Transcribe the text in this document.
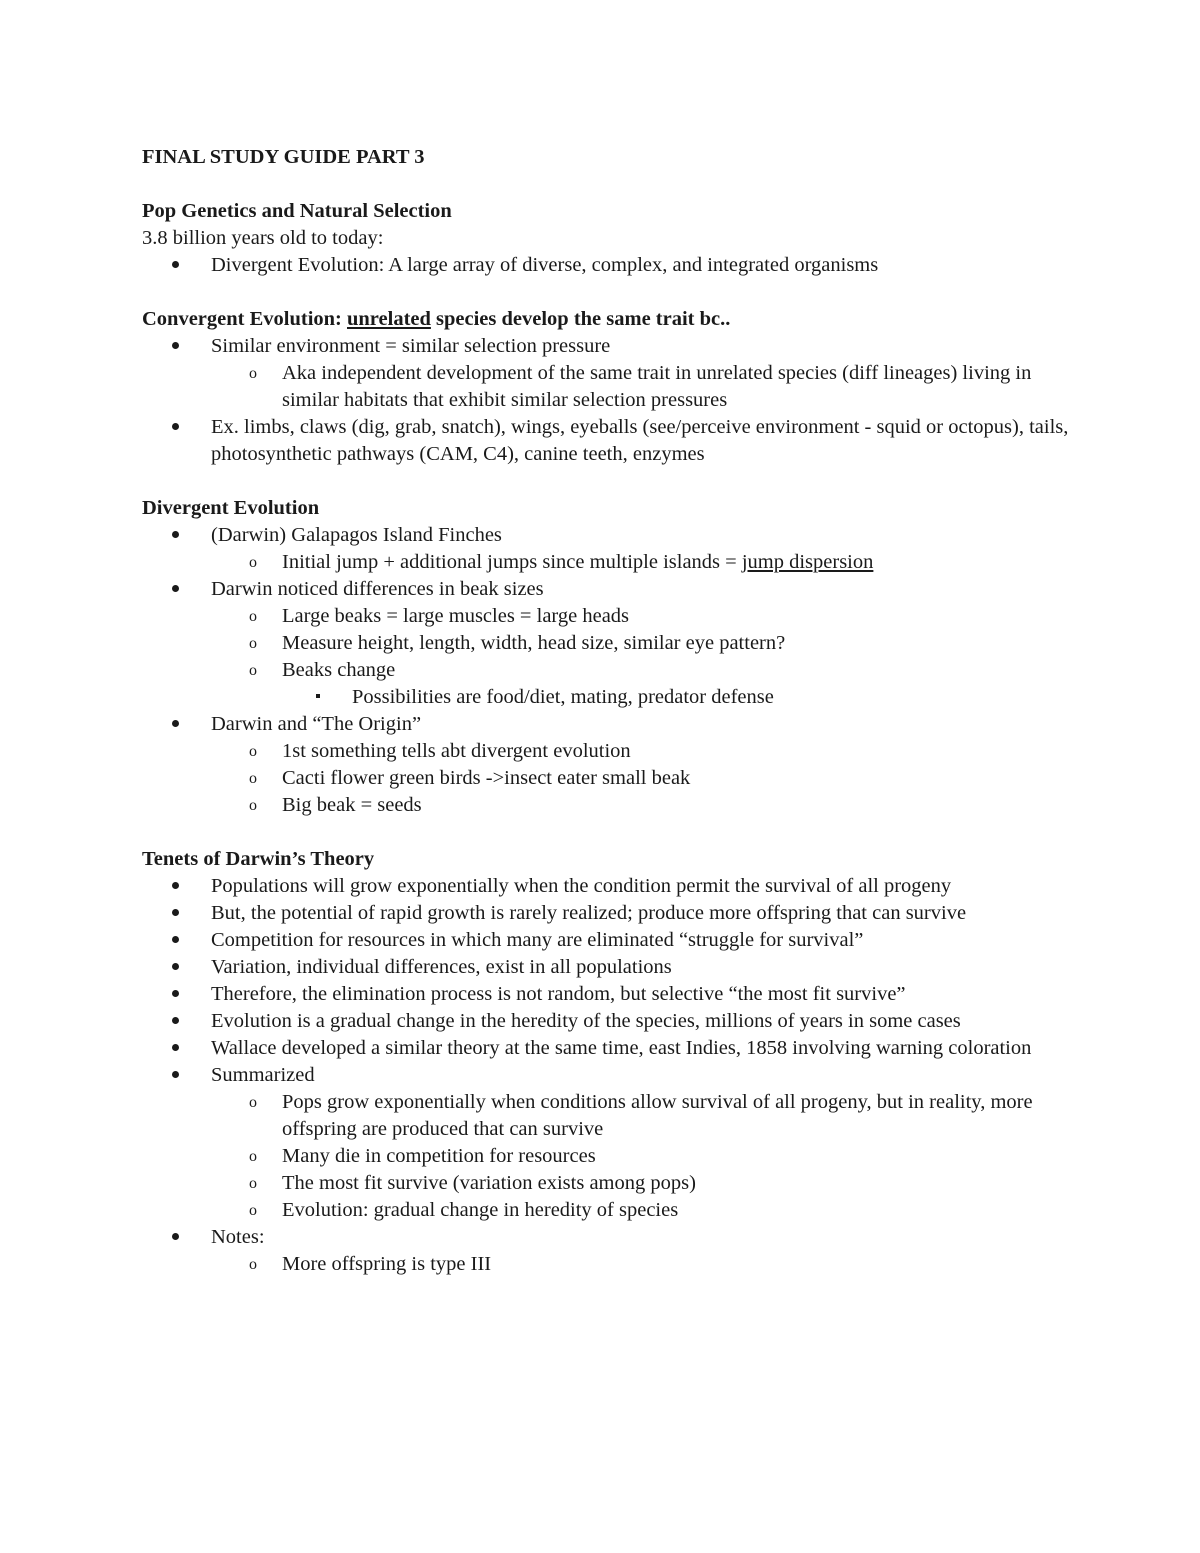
FINAL STUDY GUIDE PART 3

Pop Genetics and Natural Selection

3.8 billion years old to today:

Divergent Evolution: A large array of diverse, complex, and integrated organisms

Convergent Evolution: unrelated species develop the same trait bc..

Similar environment = similar selection pressure
o Aka independent development of the same trait in unrelated species (diff lineages) living in similar habitats that exhibit similar selection pressures
Ex. limbs, claws (dig, grab, snatch), wings, eyeballs (see/perceive environment - squid or octopus), tails, photosynthetic pathways (CAM, C4), canine teeth, enzymes

Divergent Evolution

(Darwin) Galapagos Island Finches
o Initial jump + additional jumps since multiple islands = jump dispersion
Darwin noticed differences in beak sizes
o Large beaks = large muscles = large heads
o Measure height, length, width, head size, similar eye pattern?
o Beaks change
Possibilities are food/diet, mating, predator defense
Darwin and “The Origin”
o 1st something tells abt divergent evolution
o Cacti flower green birds ->insect eater small beak
o Big beak = seeds

Tenets of Darwin’s Theory

Populations will grow exponentially when the condition permit the survival of all progeny
But, the potential of rapid growth is rarely realized; produce more offspring that can survive
Competition for resources in which many are eliminated “struggle for survival”
Variation, individual differences, exist in all populations
Therefore, the elimination process is not random, but selective “the most fit survive”
Evolution is a gradual change in the heredity of the species, millions of years in some cases
Wallace developed a similar theory at the same time, east Indies, 1858 involving warning coloration
Summarized
o Pops grow exponentially when conditions allow survival of all progeny, but in reality, more offspring are produced that can survive
o Many die in competition for resources
o The most fit survive (variation exists among pops)
o Evolution: gradual change in heredity of species
Notes:
o More offspring is type III
